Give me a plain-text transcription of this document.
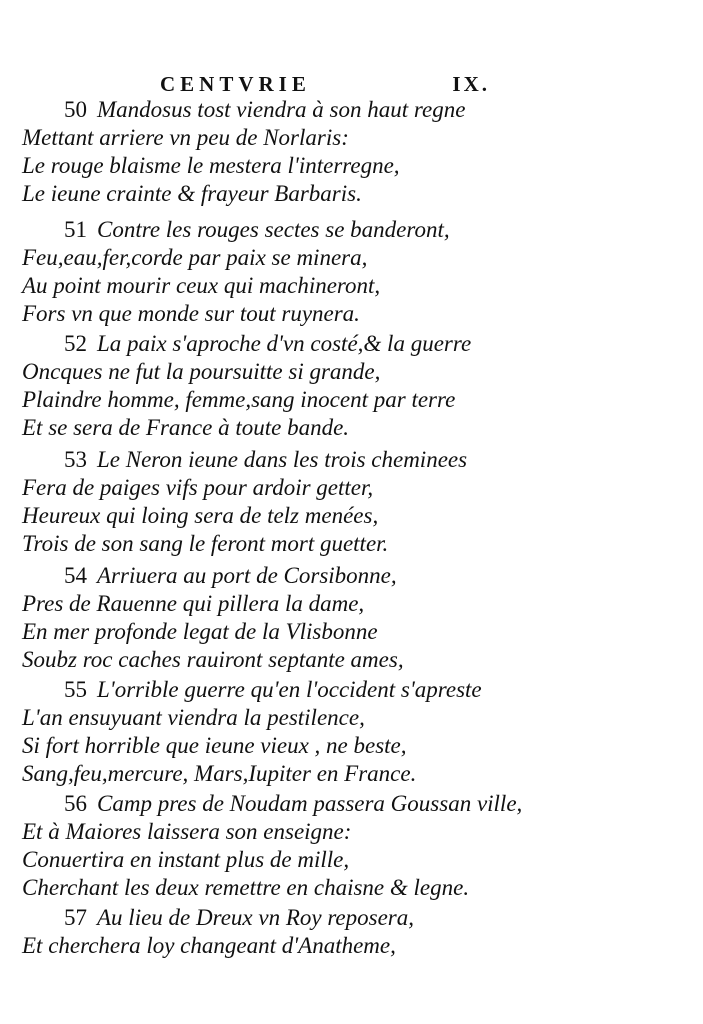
CENTVRIE	IX.
50 Mandosus tost viendra à son haut regne
Mettant arriere vn peu de Norlaris:
Le rouge blaisme le mestera l'interregne,
Le ieune crainte & frayeur Barbaris.
51 Contre les rouges sectes se banderont,
Feu,eau,fer,corde par paix se minera,
Au point mourir ceux qui machineront,
Fors vn que monde sur tout ruynera.
52 La paix s'aproche d'vn costé,& la guerre
Oncques ne fut la poursuitte si grande,
Plaindre homme, femme,sang inocent par terre
Et se sera de France à toute bande.
53 Le Neron ieune dans les trois cheminees
Fera de paiges vifs pour ardoir getter,
Heureux qui loing sera de telz menées,
Trois de son sang le feront mort guetter.
54 Arriuera au port de Corsibonne,
Pres de Rauenne qui pillera la dame,
En mer profonde legat de la Vlisbonne
Soubz roc caches rauiront septante ames,
55 L'orrible guerre qu'en l'occident s'apreste
L'an ensuyuant viendra la pestilence,
Si fort horrible que ieune vieux , ne beste,
Sang,feu,mercure, Mars,Iupiter en France.
56 Camp pres de Noudam passera Goussan ville,
Et à Maiores laissera son enseigne:
Conuertira en instant plus de mille,
Cherchant les deux remettre en chaisne & legne.
57 Au lieu de Dreux vn Roy reposera,
Et cherchera loy changeant d'Anatheme,
